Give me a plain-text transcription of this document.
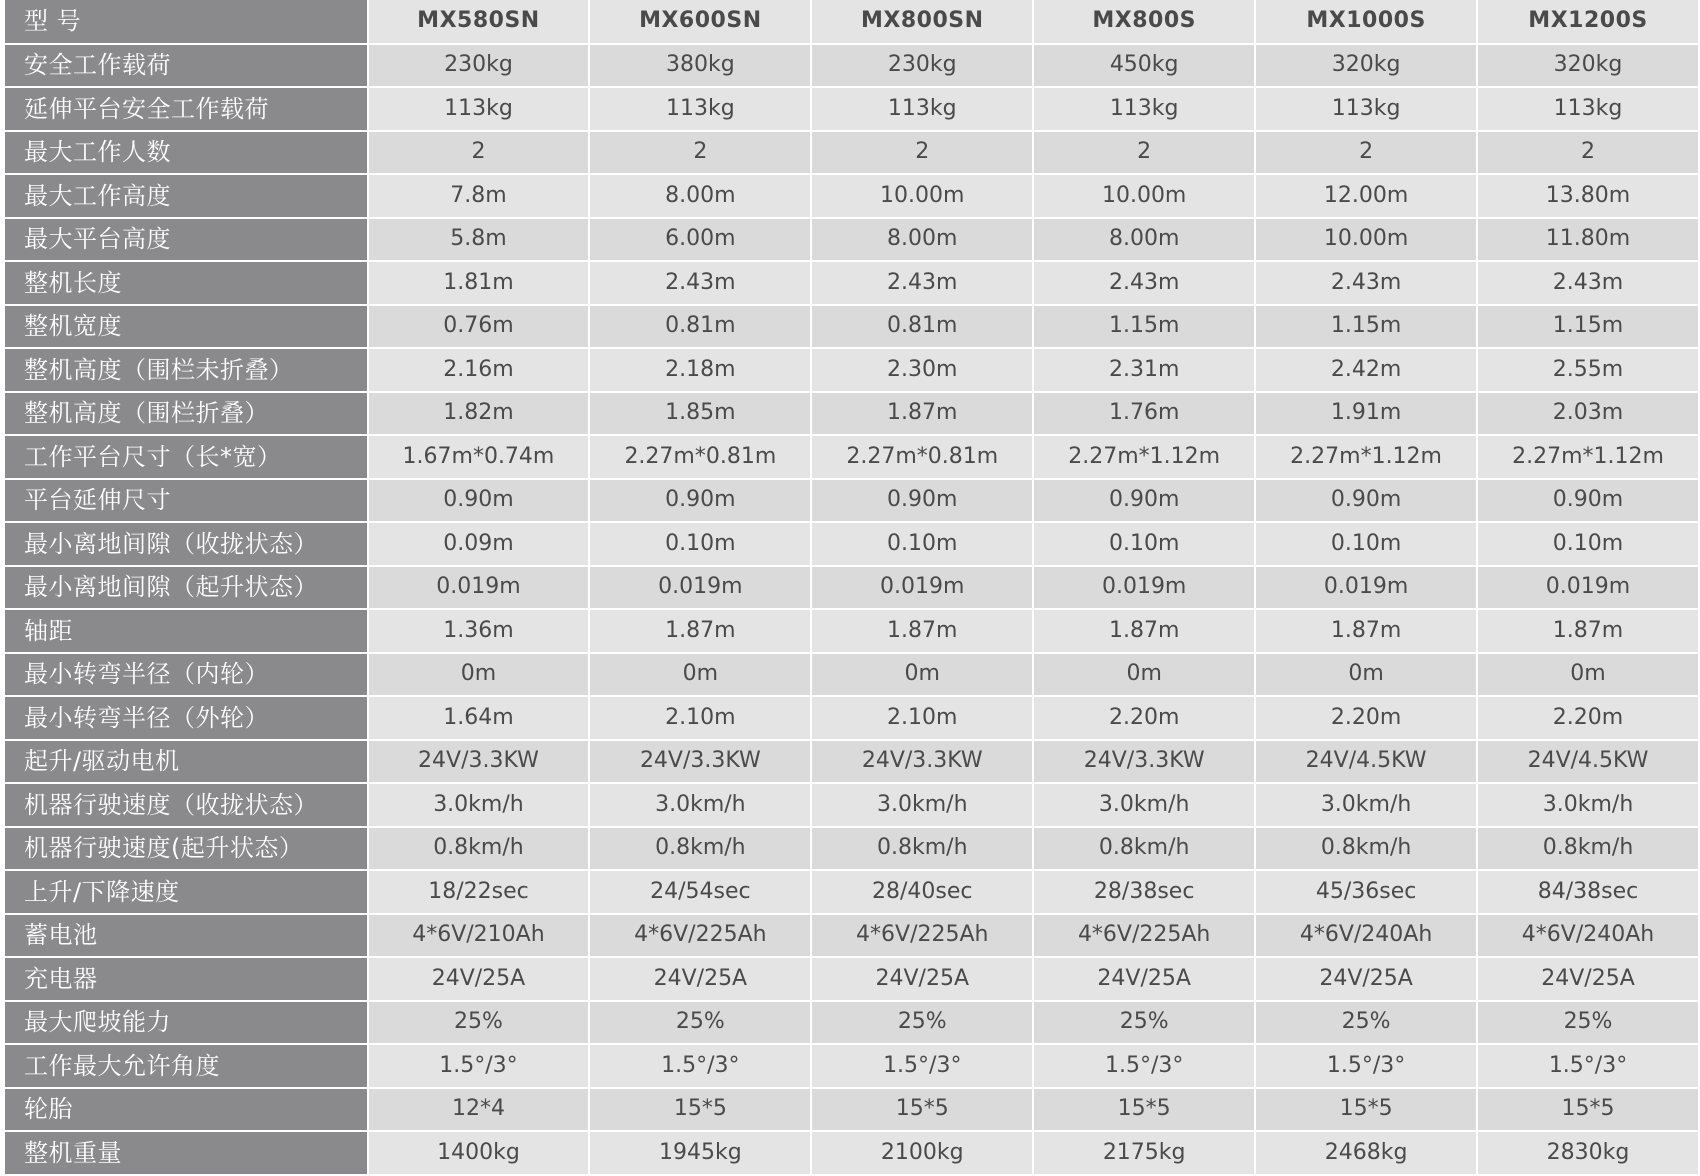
型 号	MX580SN	MX600SN	MX800SN	MX800S	MX1000S	MX1200S
安全工作载荷	230kg	380kg	230kg	450kg	320kg	320kg
延伸平台安全工作载荷	113kg	113kg	113kg	113kg	113kg	113kg
最大工作人数	2	2	2	2	2	2
最大工作高度	7.8m	8.00m	10.00m	10.00m	12.00m	13.80m
最大平台高度	5.8m	6.00m	8.00m	8.00m	10.00m	11.80m
整机长度	1.81m	2.43m	2.43m	2.43m	2.43m	2.43m
整机宽度	0.76m	0.81m	0.81m	1.15m	1.15m	1.15m
整机高度（围栏未折叠）	2.16m	2.18m	2.30m	2.31m	2.42m	2.55m
整机高度（围栏折叠）	1.82m	1.85m	1.87m	1.76m	1.91m	2.03m
工作平台尺寸（长*宽）	1.67m*0.74m	2.27m*0.81m	2.27m*0.81m	2.27m*1.12m	2.27m*1.12m	2.27m*1.12m
平台延伸尺寸	0.90m	0.90m	0.90m	0.90m	0.90m	0.90m
最小离地间隙（收拢状态）	0.09m	0.10m	0.10m	0.10m	0.10m	0.10m
最小离地间隙（起升状态）	0.019m	0.019m	0.019m	0.019m	0.019m	0.019m
轴距	1.36m	1.87m	1.87m	1.87m	1.87m	1.87m
最小转弯半径（内轮）	0m	0m	0m	0m	0m	0m
最小转弯半径（外轮）	1.64m	2.10m	2.10m	2.20m	2.20m	2.20m
起升/驱动电机	24V/3.3KW	24V/3.3KW	24V/3.3KW	24V/3.3KW	24V/4.5KW	24V/4.5KW
机器行驶速度（收拢状态）	3.0km/h	3.0km/h	3.0km/h	3.0km/h	3.0km/h	3.0km/h
机器行驶速度(起升状态）	0.8km/h	0.8km/h	0.8km/h	0.8km/h	0.8km/h	0.8km/h
上升/下降速度	18/22sec	24/54sec	28/40sec	28/38sec	45/36sec	84/38sec
蓄电池	4*6V/210Ah	4*6V/225Ah	4*6V/225Ah	4*6V/225Ah	4*6V/240Ah	4*6V/240Ah
充电器	24V/25A	24V/25A	24V/25A	24V/25A	24V/25A	24V/25A
最大爬坡能力	25%	25%	25%	25%	25%	25%
工作最大允许角度	1.5°/3°	1.5°/3°	1.5°/3°	1.5°/3°	1.5°/3°	1.5°/3°
轮胎	12*4	15*5	15*5	15*5	15*5	15*5
整机重量	1400kg	1945kg	2100kg	2175kg	2468kg	2830kg
